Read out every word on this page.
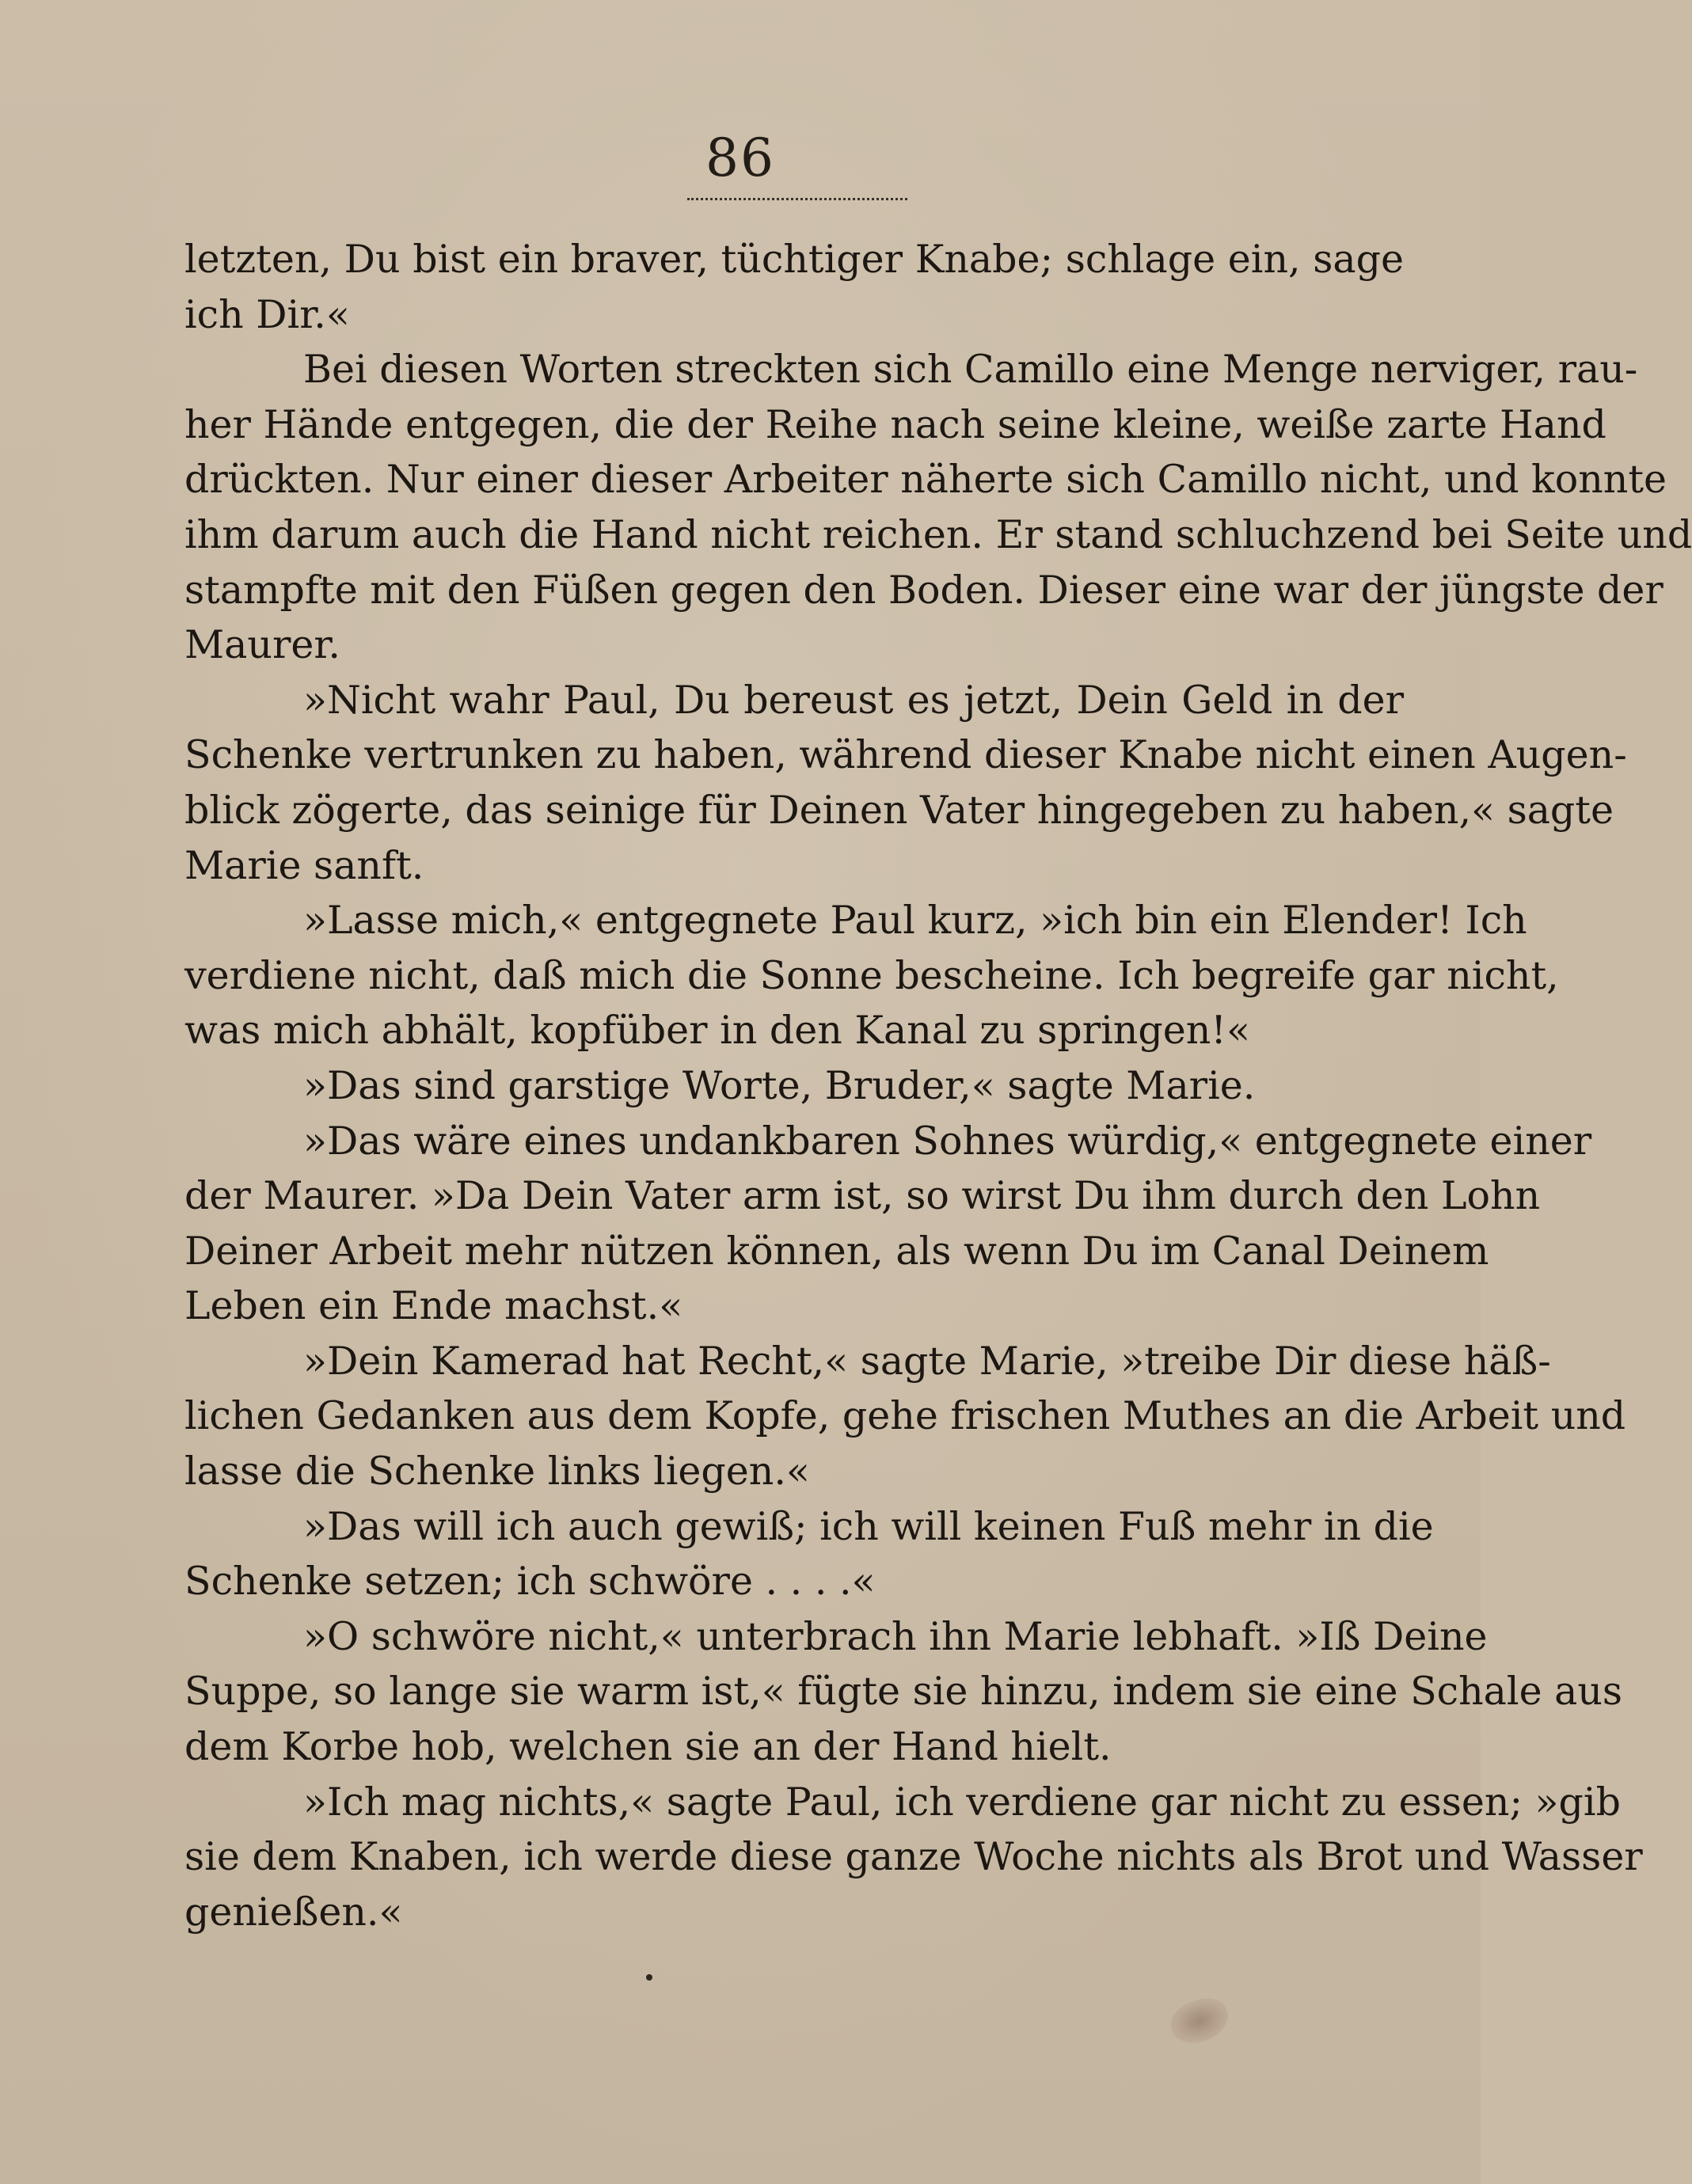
86
letzten, Du bist ein braver, tüchtiger Knabe; schlage ein, sage
ich Dir.«
Bei diesen Worten streckten sich Camillo eine Menge nerviger, rau-
her Hände entgegen, die der Reihe nach seine kleine, weiße zarte Hand
drückten. Nur einer dieser Arbeiter näherte sich Camillo nicht, und konnte
ihm darum auch die Hand nicht reichen. Er stand schluchzend bei Seite und
stampfte mit den Füßen gegen den Boden. Dieser eine war der jüngste der
Maurer.
»Nicht wahr Paul, Du bereust es jetzt, Dein Geld in der
Schenke vertrunken zu haben, während dieser Knabe nicht einen Augen-
blick zögerte, das seinige für Deinen Vater hingegeben zu haben,« sagte
Marie sanft.
»Lasse mich,« entgegnete Paul kurz, »ich bin ein Elender! Ich
verdiene nicht, daß mich die Sonne bescheine. Ich begreife gar nicht,
was mich abhält, kopfüber in den Kanal zu springen!«
»Das sind garstige Worte, Bruder,« sagte Marie.
»Das wäre eines undankbaren Sohnes würdig,« entgegnete einer
der Maurer. »Da Dein Vater arm ist, so wirst Du ihm durch den Lohn
Deiner Arbeit mehr nützen können, als wenn Du im Canal Deinem
Leben ein Ende machst.«
»Dein Kamerad hat Recht,« sagte Marie, »treibe Dir diese häß-
lichen Gedanken aus dem Kopfe, gehe frischen Muthes an die Arbeit und
lasse die Schenke links liegen.«
»Das will ich auch gewiß; ich will keinen Fuß mehr in die
Schenke setzen; ich schwöre . . . .«
»O schwöre nicht,« unterbrach ihn Marie lebhaft. »Iß Deine
Suppe, so lange sie warm ist,« fügte sie hinzu, indem sie eine Schale aus
dem Korbe hob, welchen sie an der Hand hielt.
»Ich mag nichts,« sagte Paul, ich verdiene gar nicht zu essen; »gib
sie dem Knaben, ich werde diese ganze Woche nichts als Brot und Wasser
genießen.«
